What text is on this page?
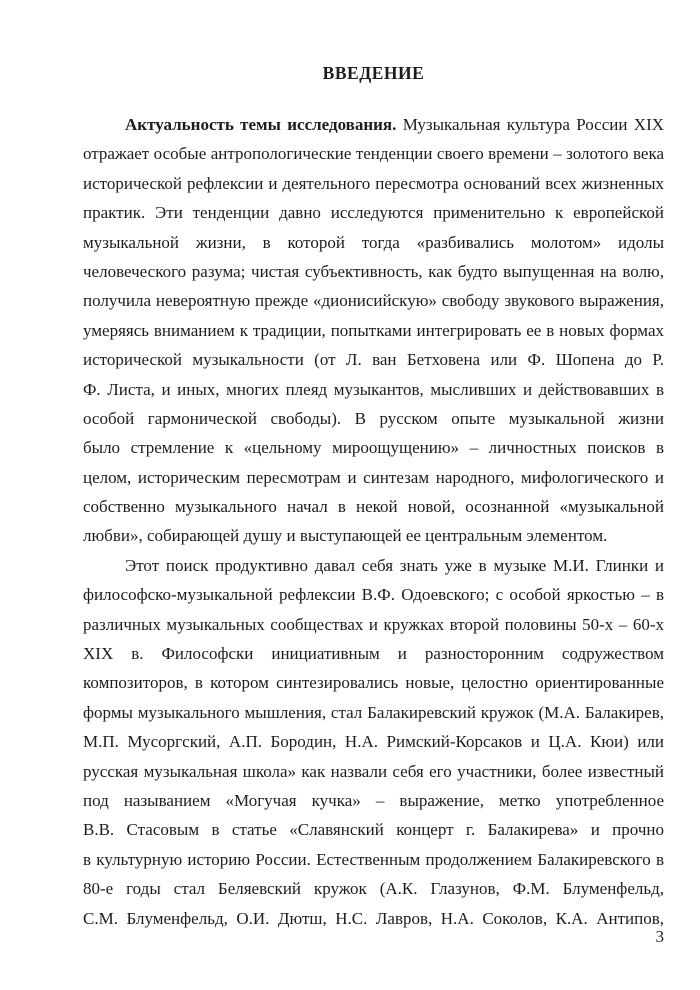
ВВЕДЕНИЕ
Актуальность темы исследования. Музыкальная культура России XIX
отражает особые антропологические тенденции своего времени – золотого века
исторической рефлексии и деятельного пересмотра оснований всех жизненных
практик. Эти тенденции давно исследуются применительно к европейской
музыкальной жизни, в которой тогда «разбивались молотом» идолы
человеческого разума; чистая субъективность, как будто выпущенная на волю,
получила невероятную прежде «дионисийскую» свободу звукового выражения,
умеряясь вниманием к традиции, попытками интегрировать ее в новых формах
исторической музыкальности (от Л. ван Бетховена или Ф. Шопена до Р.
Ф. Листа, и иных, многих плеяд музыкантов, мысливших и действовавших в
особой гармонической свободы). В русском опыте музыкальной жизни
было стремление к «цельному мироощущению» – личностных поисков в
целом, историческим пересмотрам и синтезам народного, мифологического и
собственно музыкального начал в некой новой, осознанной «музыкальной
любви», собирающей душу и выступающей ее центральным элементом.
Этот поиск продуктивно давал себя знать уже в музыке М.И. Глинки и
философско-музыкальной рефлексии В.Ф. Одоевского; с особой яркостью – в
различных музыкальных сообществах и кружках второй половины 50-х – 60-х
XIX в. Философски инициативным и разносторонним содружеством
композиторов, в котором синтезировались новые, целостно ориентированные
формы музыкального мышления, стал Балакиревский кружок (М.А. Балакирев,
М.П. Мусоргский, А.П. Бородин, Н.А. Римский-Корсаков и Ц.А. Кюи) или
русская музыкальная школа» как назвали себя его участники, более известный
под называнием «Могучая кучка» – выражение, метко употребленное
В.В. Стасовым в статье «Славянский концерт г. Балакирева» и прочно
в культурную историю России. Естественным продолжением Балакиревского в
80-е годы стал Беляевский кружок (А.К. Глазунов, Ф.М. Блуменфельд,
С.М. Блуменфельд, О.И. Дютш, Н.С. Лавров, Н.А. Соколов, К.А. Антипов,
3
